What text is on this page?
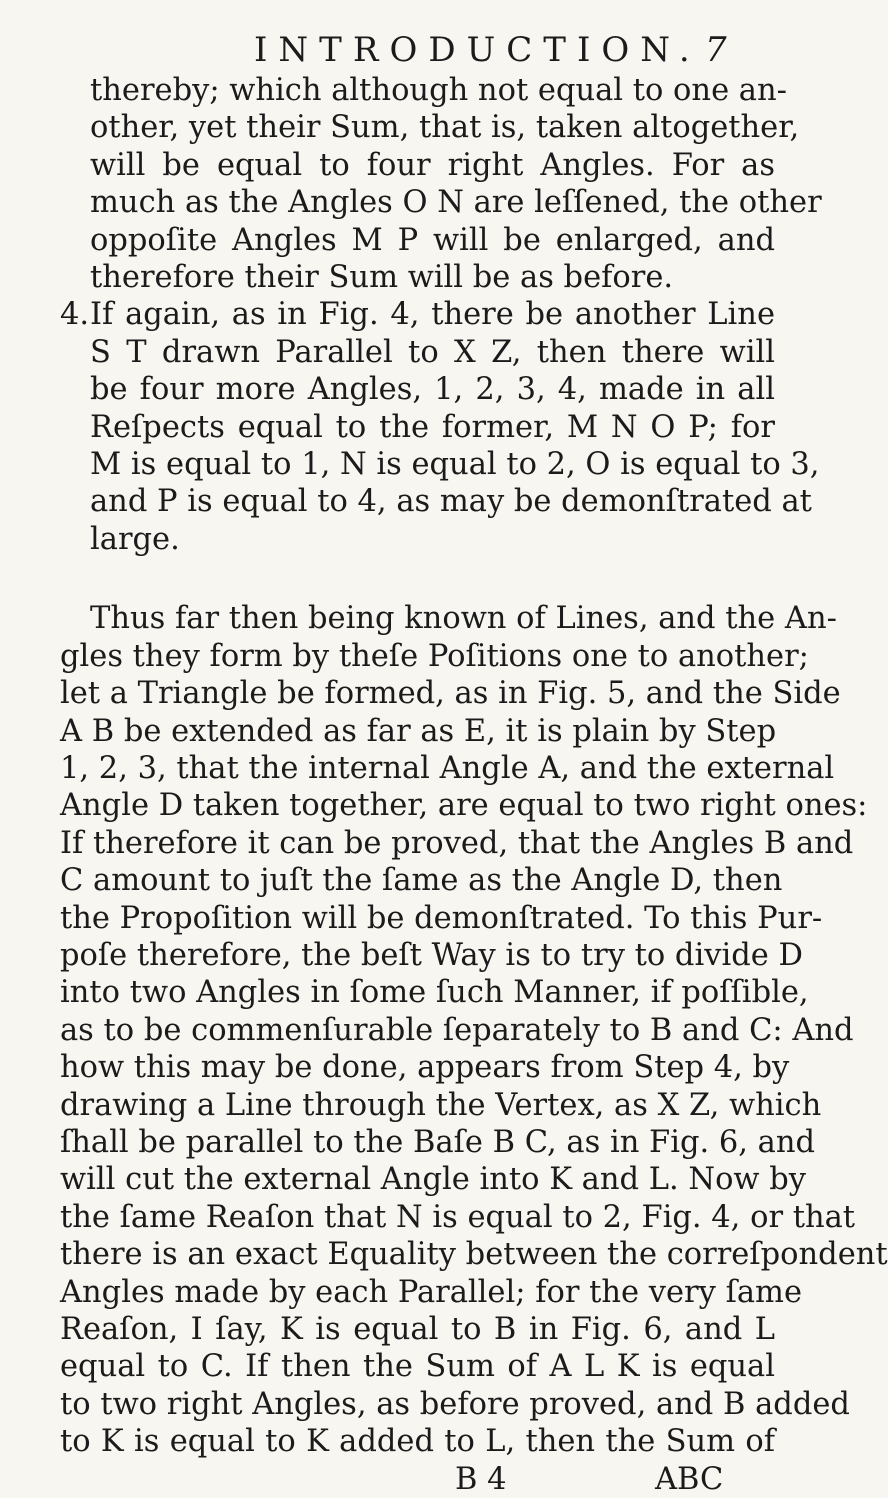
INTRODUCTION. 7
thereby; which although not equal to one an-
other, yet their Sum, that is, taken altogether,
will be equal to four right Angles. For as
much as the Angles O N are leſſened, the other
oppoſite Angles M P will be enlarged, and
therefore their Sum will be as before.
4. If again, as in Fig. 4, there be another Line
S T drawn Parallel to X Z, then there will
be four more Angles, 1, 2, 3, 4, made in all
Reſpects equal to the former, M N O P; for
M is equal to 1, N is equal to 2, O is equal to 3,
and P is equal to 4, as may be demonſtrated at
large.
Thus far then being known of Lines, and the An-
gles they form by theſe Poſitions one to another;
let a Triangle be formed, as in Fig. 5, and the Side
A B be extended as far as E, it is plain by Step
1, 2, 3, that the internal Angle A, and the external
Angle D taken together, are equal to two right ones:
If therefore it can be proved, that the Angles B and
C amount to juſt the ſame as the Angle D, then
the Propoſition will be demonſtrated. To this Pur-
poſe therefore, the beſt Way is to try to divide D
into two Angles in ſome ſuch Manner, if poſſible,
as to be commenſurable ſeparately to B and C: And
how this may be done, appears from Step 4, by
drawing a Line through the Vertex, as X Z, which
ſhall be parallel to the Baſe B C, as in Fig. 6, and
will cut the external Angle into K and L. Now by
the ſame Reaſon that N is equal to 2, Fig. 4, or that
there is an exact Equality between the correſpondent
Angles made by each Parallel; for the very ſame
Reaſon, I ſay, K is equal to B in Fig. 6, and L
equal to C. If then the Sum of A L K is equal
to two right Angles, as before proved, and B added
to K is equal to K added to L, then the Sum of
B 4	ABC
